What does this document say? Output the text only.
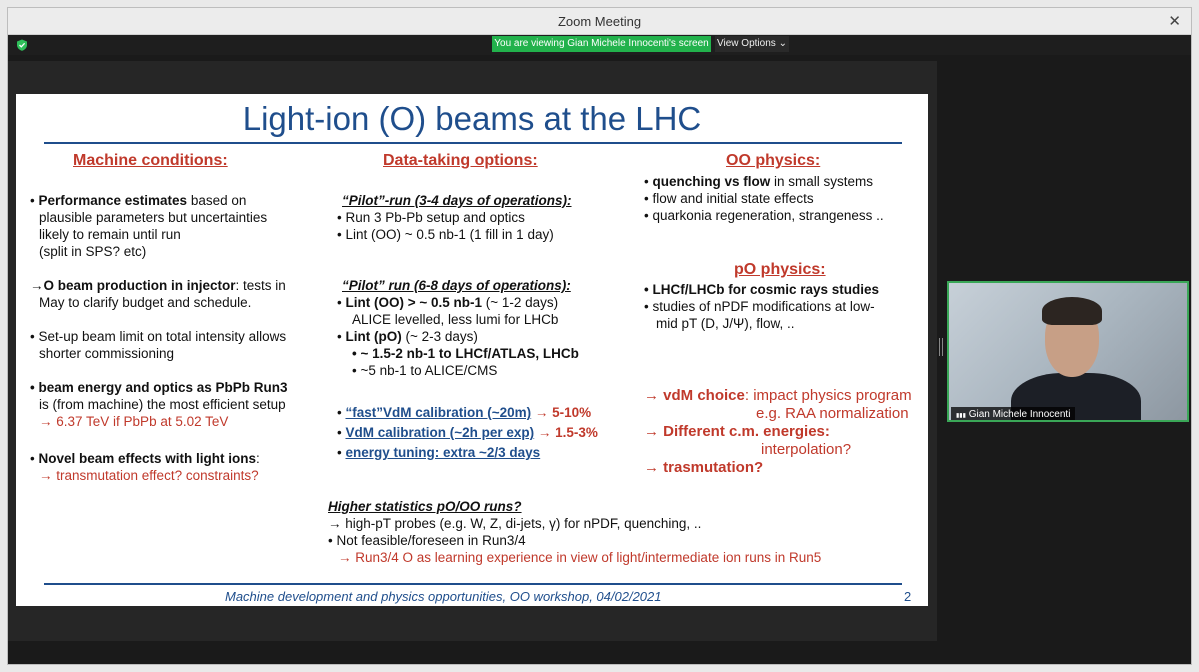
Zoom Meeting	✕
You are viewing Gian Michele Innocenti's screen View Options ⌄
Light-ion (O) beams at the LHC
Machine conditions:
• Performance estimates based on
plausible parameters but uncertainties
likely to remain until run
(split in SPS? etc)
→O beam production in injector: tests in
May to clarify budget and schedule.
• Set-up beam limit on total intensity allows
shorter commissioning
• beam energy and optics as PbPb Run3
is (from machine) the most efficient setup
→ 6.37 TeV if PbPb at 5.02 TeV
• Novel beam effects with light ions:
→ transmutation effect? constraints?
Data-taking options:
“Pilot”-run (3-4 days of operations):
• Run 3 Pb-Pb setup and optics
• Lint (OO) ~ 0.5 nb-1 (1 fill in 1 day)
“Pilot” run (6-8 days of operations):
• Lint (OO) > ~ 0.5 nb-1 (~ 1-2 days)
ALICE levelled, less lumi for LHCb
• Lint (pO) (~ 2-3 days)
• ~ 1.5-2 nb-1 to LHCf/ATLAS, LHCb
• ~5 nb-1 to ALICE/CMS
• “fast”VdM calibration (~20m) → 5-10%
• VdM calibration (~2h per exp) → 1.5-3%
• energy tuning: extra ~2/3 days
OO physics:
• quenching vs flow in small systems
• flow and initial state effects
• quarkonia regeneration, strangeness ..
pO physics:
• LHCf/LHCb for cosmic rays studies
• studies of nPDF modifications at low-
mid pT (D, J/Ψ), flow, ..
→ vdM choice: impact physics program
e.g. RAA normalization
→ Different c.m. energies:
interpolation?
→ trasmutation?
Higher statistics pO/OO runs?
→ high-pT probes (e.g. W, Z, di-jets, γ) for nPDF, quenching, ..
• Not feasible/foreseen in Run3/4
→ Run3/4 O as learning experience in view of light/intermediate ion runs in Run5
Machine development and physics opportunities, OO workshop, 04/02/2021	2
▮▮▮ Gian Michele Innocenti
